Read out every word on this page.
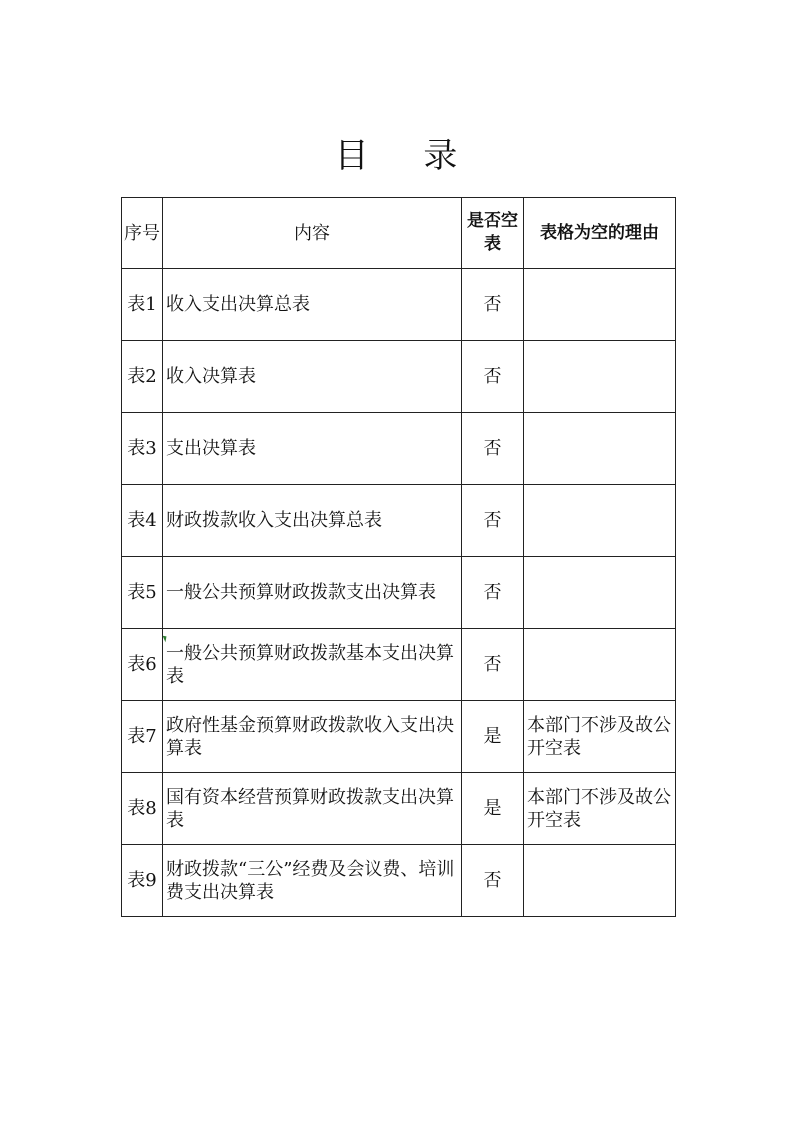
目 录
序号	内容	是否空表	表格为空的理由
表1	收入支出决算总表	否	
表2	收入决算表	否	
表3	支出决算表	否	
表4	财政拨款收入支出决算总表	否	
表5	一般公共预算财政拨款支出决算表	否	
表6	一般公共预算财政拨款基本支出决算表	否	
表7	政府性基金预算财政拨款收入支出决算表	是	本部门不涉及故公开空表
表8	国有资本经营预算财政拨款支出决算表	是	本部门不涉及故公开空表
表9	财政拨款“三公”经费及会议费、培训费支出决算表	否	
